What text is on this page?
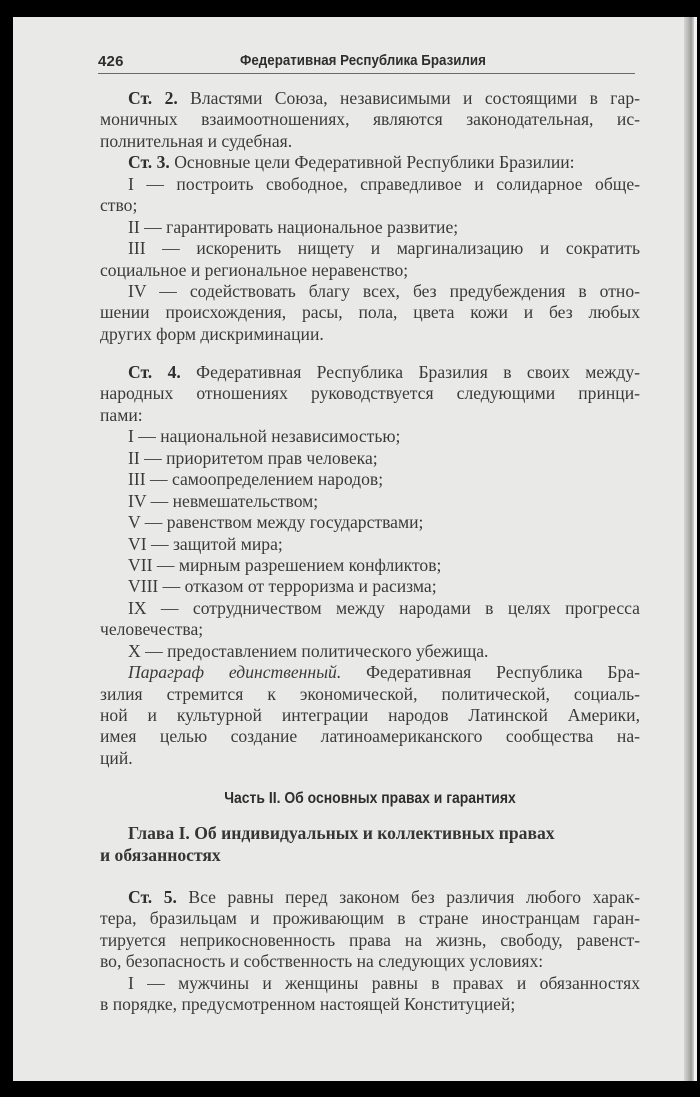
426	Федеративная Республика Бразилия
Ст. 2. Властями Союза, независимыми и состоящими в гар-
моничных взаимоотношениях, являются законодательная, ис-
полнительная и судебная.
Ст. 3. Основные цели Федеративной Республики Бразилии:
I — построить свободное, справедливое и солидарное обще-
ство;
II — гарантировать национальное развитие;
III — искоренить нищету и маргинализацию и сократить
социальное и региональное неравенство;
IV — содействовать благу всех, без предубеждения в отно-
шении происхождения, расы, пола, цвета кожи и без любых
других форм дискриминации.
Ст. 4. Федеративная Республика Бразилия в своих между-
народных отношениях руководствуется следующими принци-
пами:
I — национальной независимостью;
II — приоритетом прав человека;
III — самоопределением народов;
IV — невмешательством;
V — равенством между государствами;
VI — защитой мира;
VII — мирным разрешением конфликтов;
VIII — отказом от терроризма и расизма;
IX — сотрудничеством между народами в целях прогресса
человечества;
X — предоставлением политического убежища.
Параграф единственный. Федеративная Республика Бра-
зилия стремится к экономической, политической, социаль-
ной и культурной интеграции народов Латинской Америки,
имея целью создание латиноамериканского сообщества на-
ций.
Часть II. Об основных правах и гарантиях
Глава I. Об индивидуальных и коллективных правах
и обязанностях
Ст. 5. Все равны перед законом без различия любого харак-
тера, бразильцам и проживающим в стране иностранцам гаран-
тируется неприкосновенность права на жизнь, свободу, равенст-
во, безопасность и собственность на следующих условиях:
I — мужчины и женщины равны в правах и обязанностях
в порядке, предусмотренном настоящей Конституцией;
